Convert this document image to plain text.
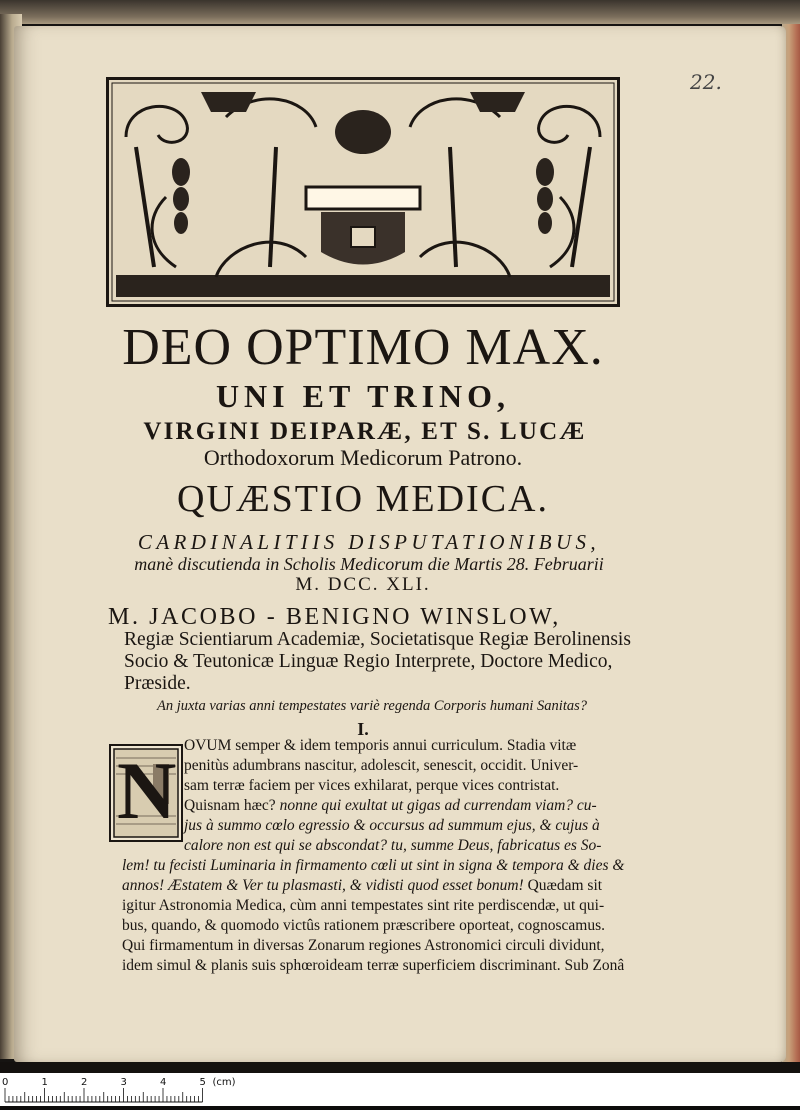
22.
DEO OPTIMO MAX.
UNI ET TRINO,
VIRGINI DEIPARÆ, ET S. LUCÆ
Orthodoxorum Medicorum Patrono.
QUÆSTIO MEDICA.
CARDINALITIIS DISPUTATIONIBUS,
manè discutienda in Scholis Medicorum die Martis 28. Februarii
M. DCC. XLI.
M. JACOBO - BENIGNO WINSLOW,
Regiæ Scientiarum Academiæ, Societatisque Regiæ Berolinensis
Socio & Teutonicæ Linguæ Regio Interprete, Doctore Medico,
Præside.
An juxta varias anni tempestates variè regenda Corporis humani Sanitas?
I.
N OVUM semper & idem temporis annui curriculum. Stadia vitæ
penitùs adumbrans nascitur, adolescit, senescit, occidit. Univer-
sam terræ faciem per vices exhilarat, perque vices contristat.
Quisnam hæc? nonne qui exultat ut gigas ad currendam viam? cu-
jus à summo cœlo egressio & occursus ad summum ejus, & cujus à
calore non est qui se abscondat? tu, summe Deus, fabricatus es So-
lem! tu fecisti Luminaria in firmamento cœli ut sint in signa & tempora & dies &
annos! Æstatem & Ver tu plasmasti, & vidisti quod esset bonum! Quædam sit
igitur Astronomia Medica, cùm anni tempestates sint rite perdiscendæ, ut qui-
bus, quando, & quomodo victûs rationem præscribere oporteat, cognoscamus.
Qui firmamentum in diversas Zonarum regiones Astronomici circuli dividunt,
idem simul & planis suis sphœroideam terræ superficiem discriminant. Sub Zonâ
0	1	2	3	4	5 (cm)
